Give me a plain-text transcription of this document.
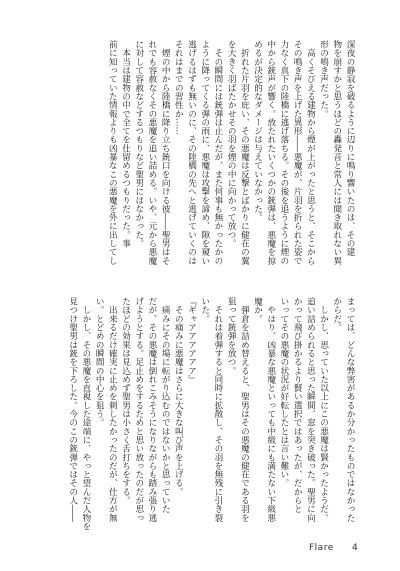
深夜の静寂を破るように辺りに鳴り響いたのは、その建
物を崩すかと思うほどの轟発音と常人には聞き取れない異
形の鳴き声だった。
　高くそびえる建物から煙が上がったと思うと、そこから
その鳴き声を上げた異形――悪魔が、片羽を折られた姿で
力なく真下の陸橋に逃げ落ちる。その後を追うように煙の
中から銃声が響く。放たれたいくつかの銃弾は、悪魔を掠
めるが決定的なダメージは与えていなかった。
　折れた片羽を庇い、その悪魔は反撃とばかりに健在の翼
を大きく羽ばたかせその羽を煙の中に向かって放つ。
　その瞬間には銃弾は止んだが、また何事も無かったかの
ように降ってくる弾の雨に、悪魔は攻撃を諦め、隙を窺い
逃げるはずも無いのに、その陸橋の先へと逃げていくのは
それはまでの習性か……
　煙の中から陸橋に降り立ち銃口を向ける彼――聖男はそ
れでも容赦なくその悪魔を追い詰める。いや、元から悪魔
に対して容赦などするつもりなど聖男にはなかった。
　本当は建物の中で全てを仕留めるつもりだった。事
前に知っていた情報よりも凶暴なこの悪魔を外に出してし
まっては、どんな弊害があるか分かったものではなかった
からだ。
　しかし、思っていた以上にこの悪魔は賢かったようだ。
追い詰められると思った瞬間、窓を突き破った。聖男に向
かって飛び掛かるより賢い選択ではあったが、だからと
いってその悪魔の状況が好転したとは言い難い。
　やはり、凶暴な悪魔といっても中級にも満たない下級悪
魔か。
　弾倉を詰め替えると、聖男はその悪魔の健在である羽を
狙って銃弾を放つ。
　それは着弾すると同時に拡散し、その羽を無残に引き裂
いた。
『ギャアアアアアア』
　その痛みに悪魔はさらに大きな叫び声を上げる。
　痛みにその場に転がり込むのではないかと思っていた
だが、その悪魔は倒れこみそうになりながらも踏み張り逃
げようとする。足止めをするためと思い放ったのだが思っ
たほどの効果は見込めず聖男は小さく舌打ちをする。
　出来るだけ確実に止めを刺したかったのだが、仕方が無
い。とどめの瞬間の中心を狙う。
　しかし、その悪魔を直視した途端に、やっと望んだ人物を
見つけ聖男は銃を下ろした。今のこの銃弾ではその人――
Flare 4
